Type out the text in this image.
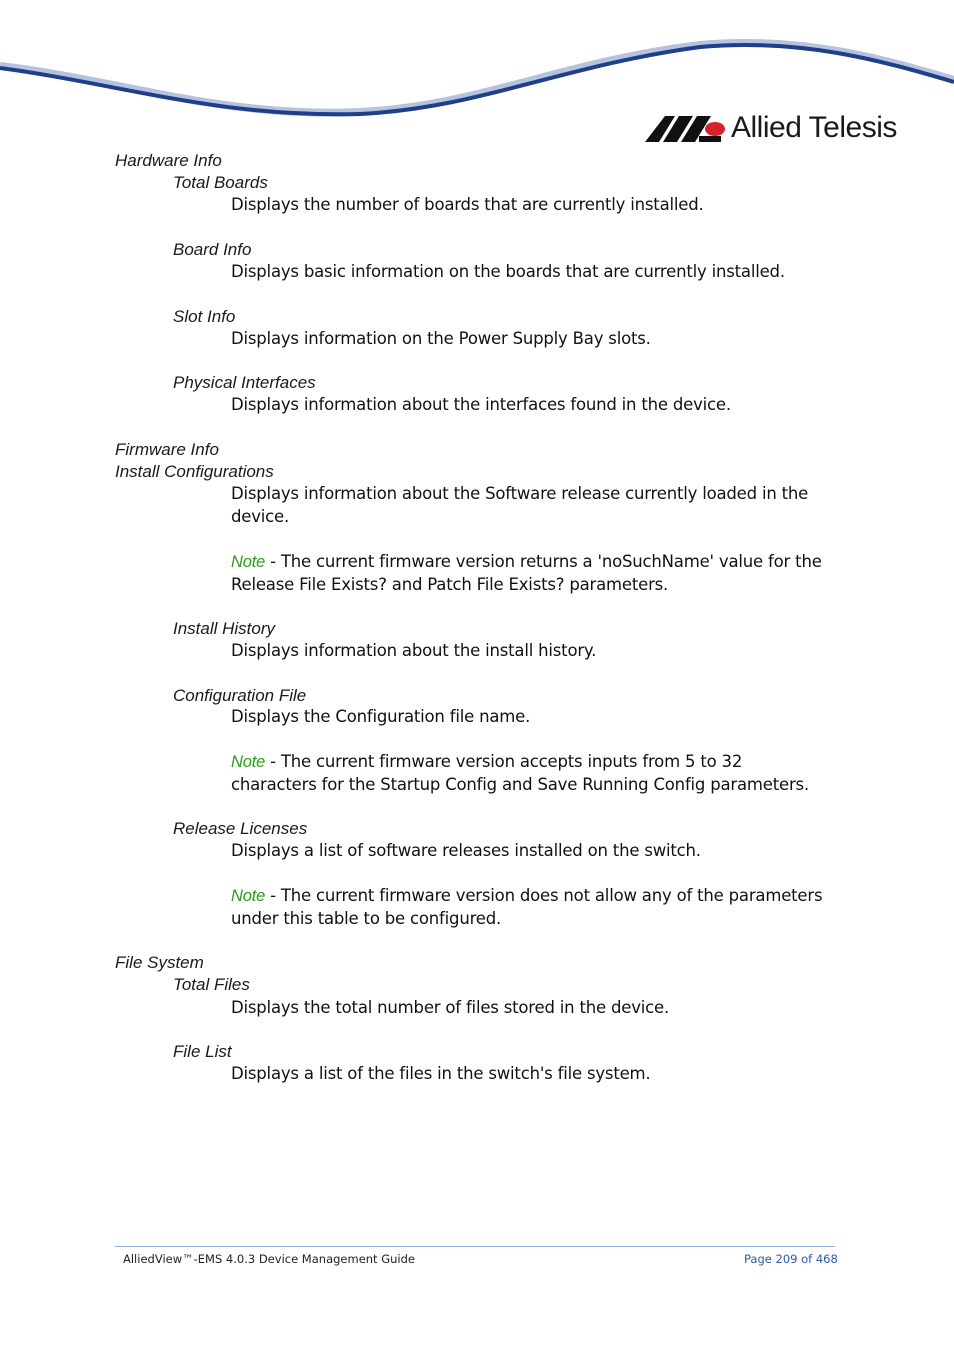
Allied Telesis
Hardware Info
Total Boards
Displays the number of boards that are currently installed.
Board Info
Displays basic information on the boards that are currently installed.
Slot Info
Displays information on the Power Supply Bay slots.
Physical Interfaces
Displays information about the interfaces found in the device.
Firmware Info
Install Configurations
Displays information about the Software release currently loaded in the device.
Note - The current firmware version returns a 'noSuchName' value for the Release File Exists? and Patch File Exists? parameters.
Install History
Displays information about the install history.
Configuration File
Displays the Configuration file name.
Note - The current firmware version accepts inputs from 5 to 32 characters for the Startup Config and Save Running Config parameters.
Release Licenses
Displays a list of software releases installed on the switch.
Note - The current firmware version does not allow any of the parameters under this table to be configured.
File System
Total Files
Displays the total number of files stored in the device.
File List
Displays a list of the files in the switch's file system.
AlliedView™-EMS 4.0.3 Device Management Guide	Page 209 of 468
